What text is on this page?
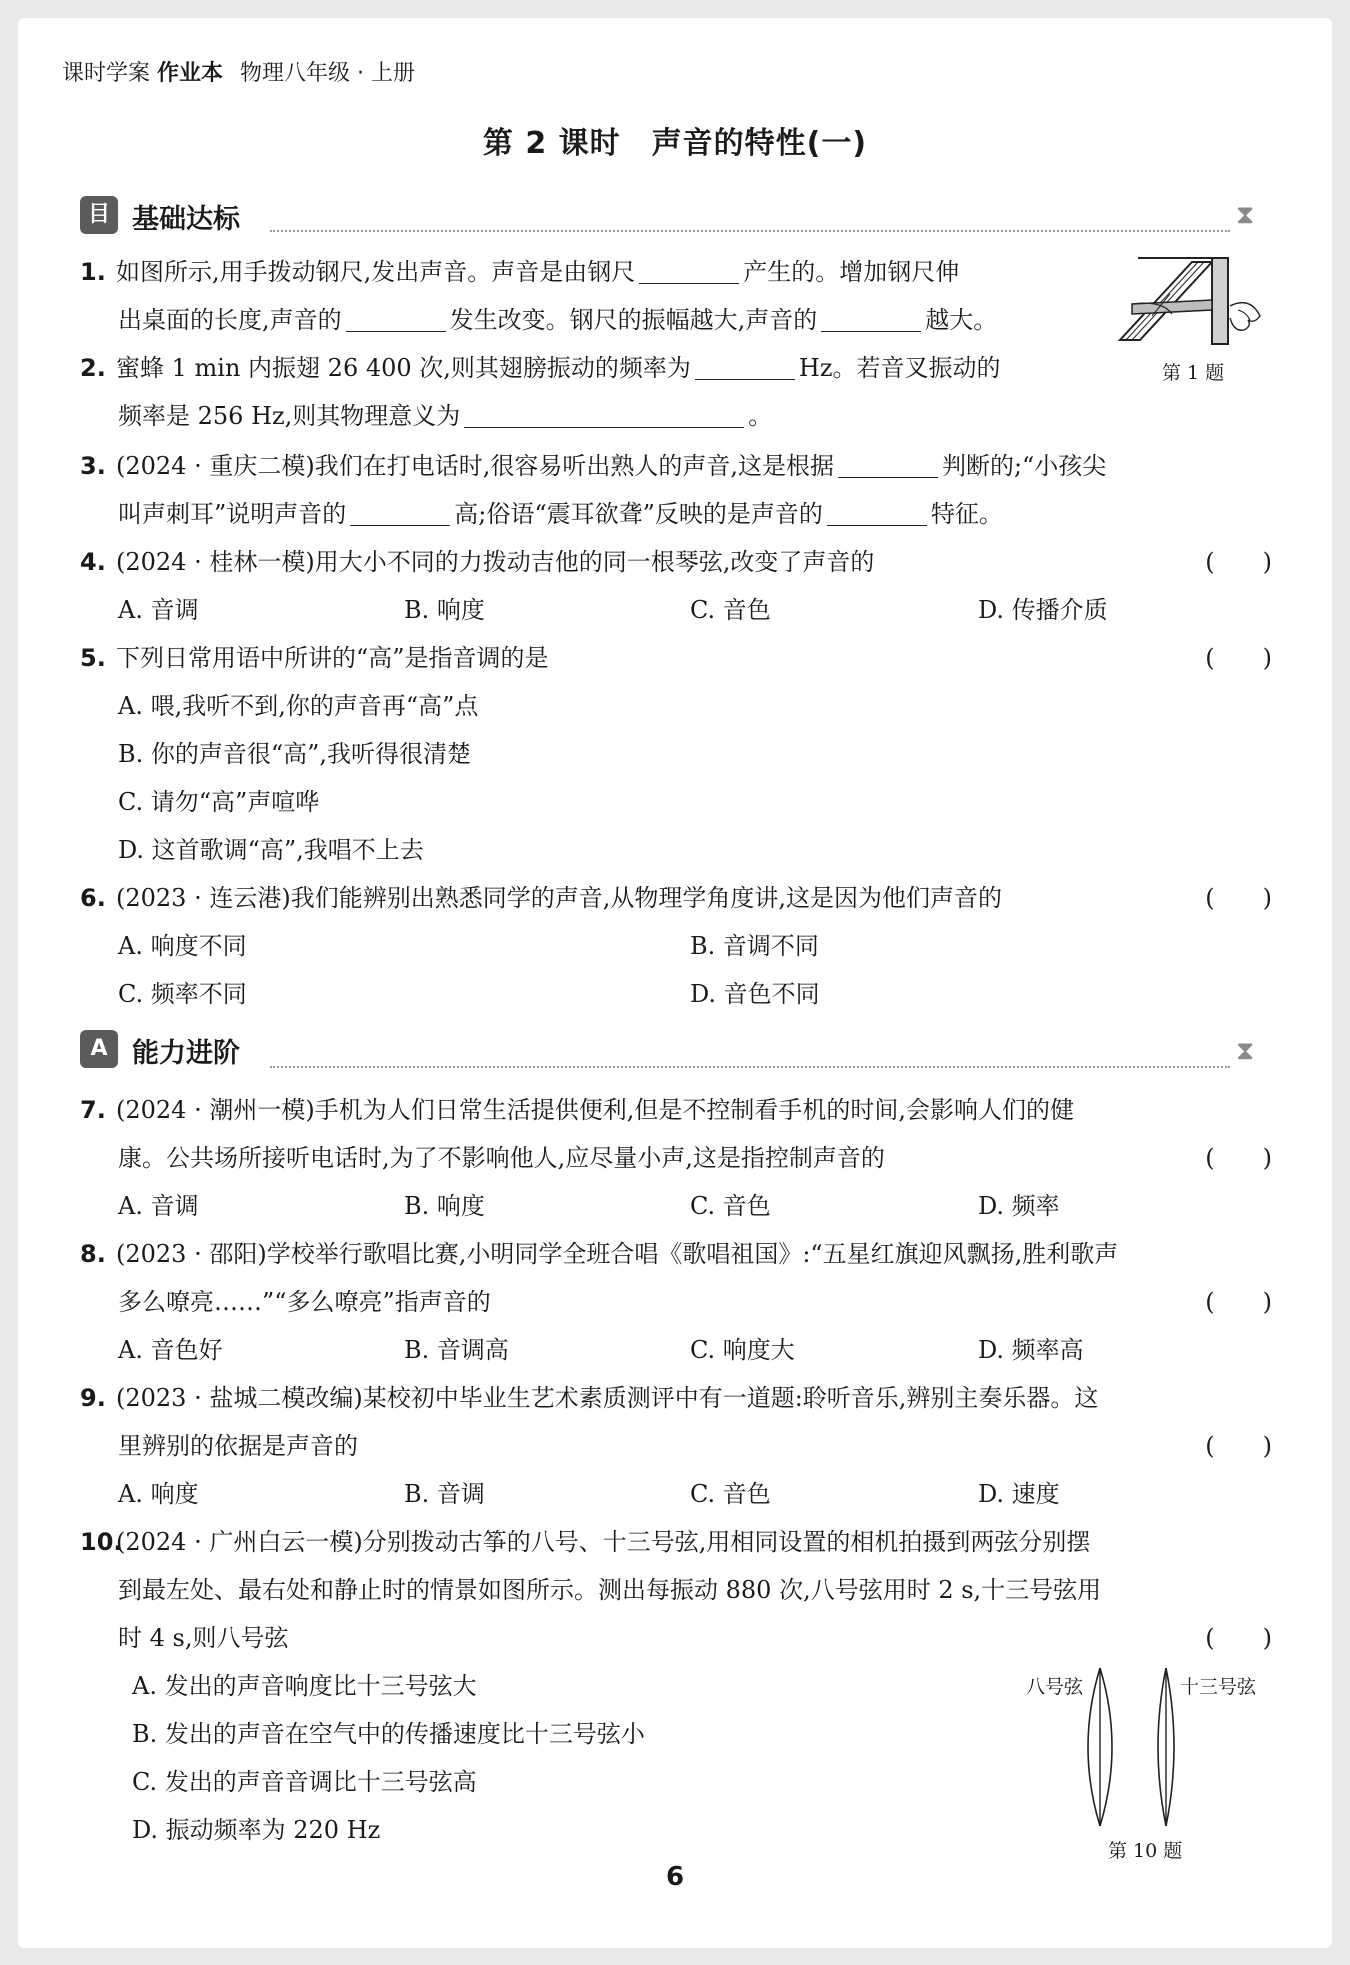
课时学案 作业本 物理八年级 · 上册
第 2 课时　声音的特性(一)
目 基础达标	⧗
1. 如图所示,用手拨动钢尺,发出声音。声音是由钢尺	产生的。增加钢尺伸
出桌面的长度,声音的	发生改变。钢尺的振幅越大,声音的	越大。
第 1 题
2. 蜜蜂 1 min 内振翅 26 400 次,则其翅膀振动的频率为	Hz。若音叉振动的
频率是 256 Hz,则其物理意义为	。
3. (2024 · 重庆二模)我们在打电话时,很容易听出熟人的声音,这是根据	判断的;“小孩尖
叫声刺耳”说明声音的	高;俗语“震耳欲聋”反映的是声音的	特征。
4. (2024 · 桂林一模)用大小不同的力拨动吉他的同一根琴弦,改变了声音的	(　　)
A. 音调	B. 响度	C. 音色	D. 传播介质
5. 下列日常用语中所讲的“高”是指音调的是	(　　)
A. 喂,我听不到,你的声音再“高”点
B. 你的声音很“高”,我听得很清楚
C. 请勿“高”声喧哗
D. 这首歌调“高”,我唱不上去
6. (2023 · 连云港)我们能辨别出熟悉同学的声音,从物理学角度讲,这是因为他们声音的	(　　)
A. 响度不同	B. 音调不同
C. 频率不同	D. 音色不同
A 能力进阶	⧗
7. (2024 · 潮州一模)手机为人们日常生活提供便利,但是不控制看手机的时间,会影响人们的健
康。公共场所接听电话时,为了不影响他人,应尽量小声,这是指控制声音的	(　　)
A. 音调	B. 响度	C. 音色	D. 频率
8. (2023 · 邵阳)学校举行歌唱比赛,小明同学全班合唱《歌唱祖国》:“五星红旗迎风飘扬,胜利歌声
多么嘹亮……”“多么嘹亮”指声音的	(　　)
A. 音色好	B. 音调高	C. 响度大	D. 频率高
9. (2023 · 盐城二模改编)某校初中毕业生艺术素质测评中有一道题:聆听音乐,辨别主奏乐器。这
里辨别的依据是声音的	(　　)
A. 响度	B. 音调	C. 音色	D. 速度
10.(2024 · 广州白云一模)分别拨动古筝的八号、十三号弦,用相同设置的相机拍摄到两弦分别摆
到最左处、最右处和静止时的情景如图所示。测出每振动 880 次,八号弦用时 2 s,十三号弦用
时 4 s,则八号弦	(　　)
A. 发出的声音响度比十三号弦大
B. 发出的声音在空气中的传播速度比十三号弦小
C. 发出的声音音调比十三号弦高
D. 振动频率为 220 Hz
八号弦	十三号弦
第 10 题
6
